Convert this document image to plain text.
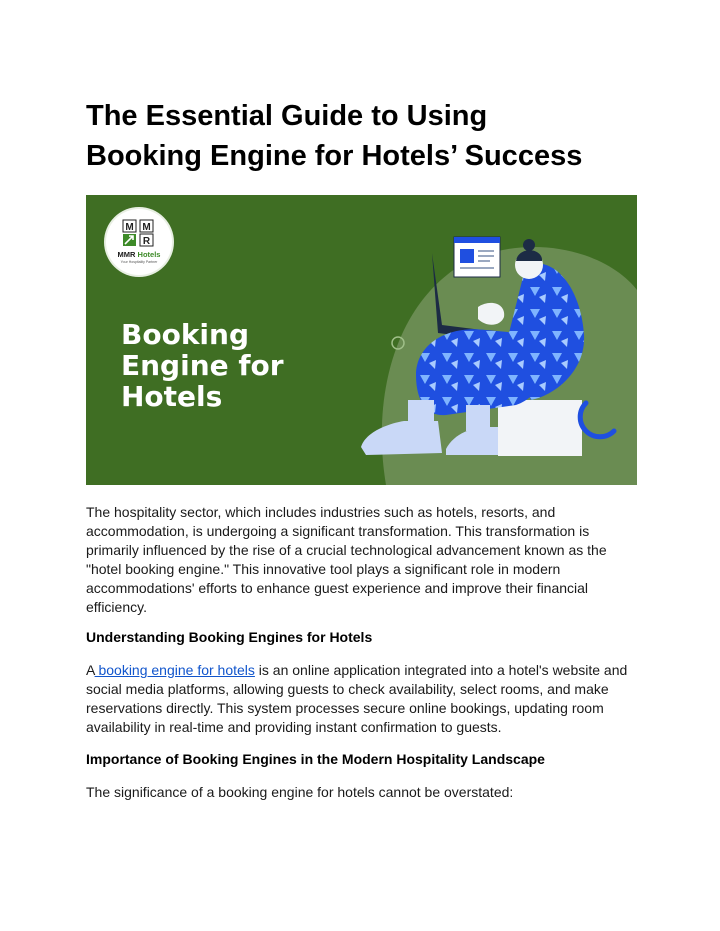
The Essential Guide to Using
Booking Engine for Hotels’ Success
M M
R
MMR Hotels
Your Hospitality Partner
Booking
Engine for
Hotels

The hospitality sector, which includes industries such as hotels, resorts, and
accommodation, is undergoing a significant transformation. This transformation is
primarily influenced by the rise of a crucial technological advancement known as the
"hotel booking engine." This innovative tool plays a significant role in modern
accommodations' efforts to enhance guest experience and improve their financial
efficiency.

Understanding Booking Engines for Hotels

A booking engine for hotels is an online application integrated into a hotel's website and
social media platforms, allowing guests to check availability, select rooms, and make
reservations directly. This system processes secure online bookings, updating room
availability in real-time and providing instant confirmation to guests.

Importance of Booking Engines in the Modern Hospitality Landscape

The significance of a booking engine for hotels cannot be overstated:
